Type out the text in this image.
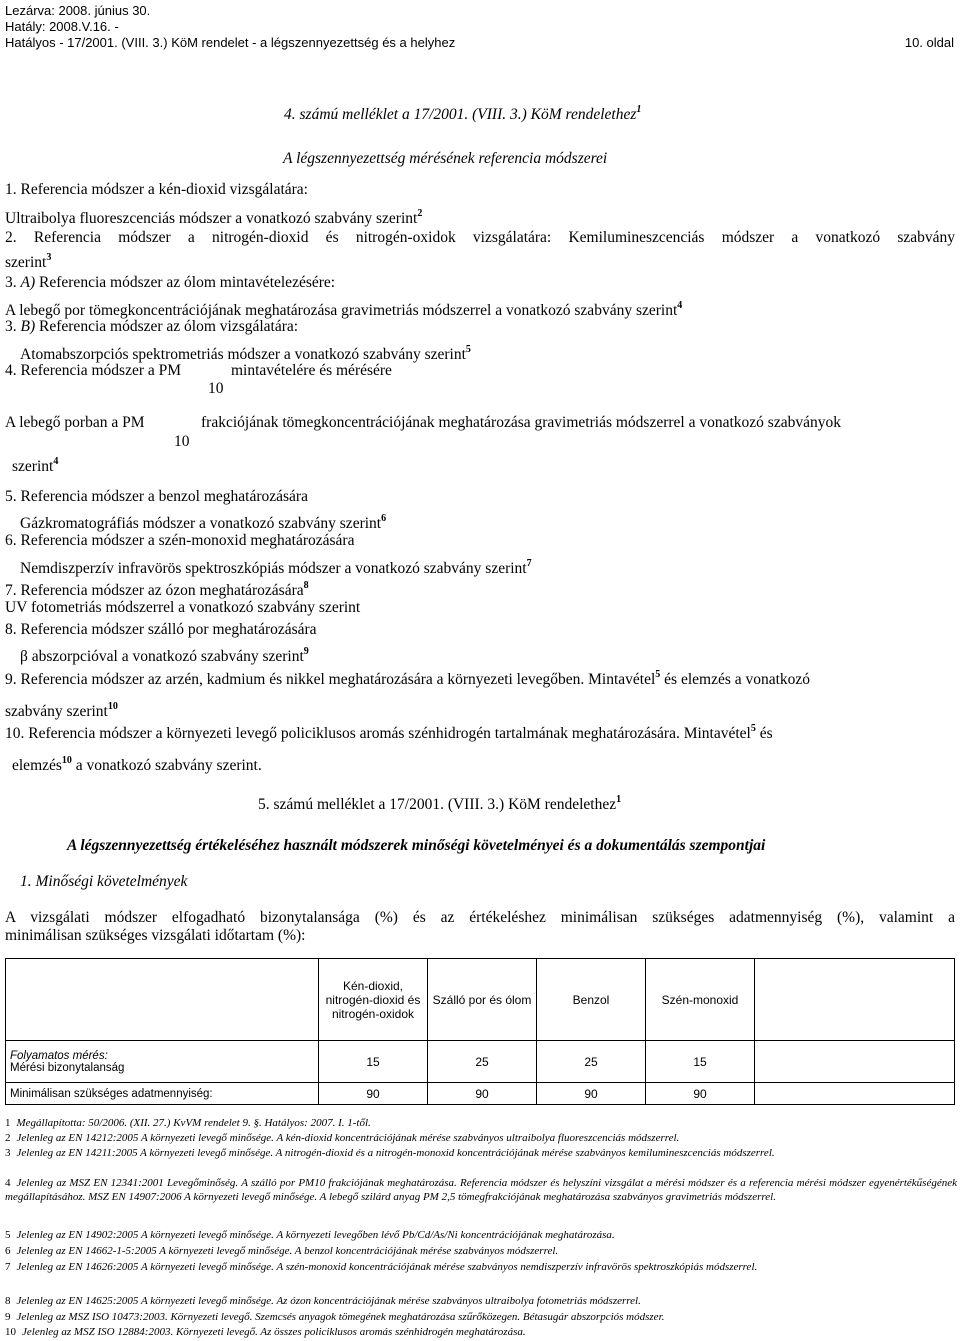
Lezárva: 2008. június 30.
Hatály: 2008.V.16. -
Hatályos - 17/2001. (VIII. 3.) KöM rendelet - a légszennyezettség és a helyhez	10. oldal
4. számú melléklet a 17/2001. (VIII. 3.) KöM rendelethez$^1$
A légszennyezettség mérésének referencia módszerei
1. Referencia módszer a kén-dioxid vizsgálatára:
Ultraibolya fluoreszcenciás módszer a vonatkozó szabvány szerint$^2$
2. Referencia módszer a nitrogén-dioxid és nitrogén-oxidok vizsgálatára: Kemilumineszcenciás módszer a vonatkozó szabvány
szerint$^3$
3. A) Referencia módszer az ólom mintavételezésére:
A lebegő por tömegkoncentrációjának meghatározása gravimetriás módszerrel a vonatkozó szabvány szerint$^4$
3. B) Referencia módszer az ólom vizsgálatára:
Atomabszorpciós spektrometriás módszer a vonatkozó szabvány szerint$^5$
4. Referencia módszer a PM	mintavételére és mérésére
10
A lebegő porban a PM	frakciójának tömegkoncentrációjának meghatározása gravimetriás módszerrel a vonatkozó szabványok
10
szerint$^4$
5. Referencia módszer a benzol meghatározására
Gázkromatográfiás módszer a vonatkozó szabvány szerint$^6$
6. Referencia módszer a szén-monoxid meghatározására
Nemdiszperzív infravörös spektroszkópiás módszer a vonatkozó szabvány szerint$^7$
7. Referencia módszer az ózon meghatározására$^8$
UV fotometriás módszerrel a vonatkozó szabvány szerint
8. Referencia módszer szálló por meghatározására
β abszorpcióval a vonatkozó szabvány szerint$^9$
9. Referencia módszer az arzén, kadmium és nikkel meghatározására a környezeti levegőben. Mintavétel$^5$ és elemzés a vonatkozó
szabvány szerint$^{10}$
10. Referencia módszer a környezeti levegő policiklusos aromás szénhidrogén tartalmának meghatározására. Mintavétel$^5$ és
elemzés$^{10}$ a vonatkozó szabvány szerint.
5. számú melléklet a 17/2001. (VIII. 3.) KöM rendelethez$^1$
A légszennyezettség értékeléséhez használt módszerek minőségi követelményei és a dokumentálás szempontjai
1. Minőségi követelmények
A vizsgálati módszer elfogadható bizonytalansága (%) és az értékeléshez minimálisan szükséges adatmennyiség (%), valamint a
minimálisan szükséges vizsgálati időtartam (%):
	Kén-dioxid, nitrogén-dioxid és nitrogén-oxidok	Szálló por és ólom	Benzol	Szén-monoxid	
Folyamatos mérés:
Mérési bizonytalanság	15	25	25	15	
Minimálisan szükséges adatmennyiség:	90	90	90	90	
1 Megállapította: 50/2006. (XII. 27.) KvVM rendelet 9. §. Hatályos: 2007. I. 1-től.
2 Jelenleg az EN 14212:2005 A környezeti levegő minősége. A kén-dioxid koncentrációjának mérése szabványos ultraibolya fluoreszcenciás módszerrel.
3 Jelenleg az EN 14211:2005 A környezeti levegő minősége. A nitrogén-dioxid és a nitrogén-monoxid koncentrációjának mérése szabványos kemilumineszcenciás módszerrel.
4 Jelenleg az MSZ EN 12341:2001 Levegőminőség. A szálló por PM10 frakciójának meghatározása. Referencia módszer és helyszíni vizsgálat a mérési módszer és a referencia mérési módszer egyenértékűségének megállapításához. MSZ EN 14907:2006 A környezeti levegő minősége. A lebegő szilárd anyag PM 2,5 tömegfrakciójának meghatározása szabványos gravimetriás módszerrel.
5 Jelenleg az EN 14902:2005 A környezeti levegő minősége. A környezeti levegőben lévő Pb/Cd/As/Ni koncentrációjának meghatározása.
6 Jelenleg az EN 14662-1-5:2005 A környezeti levegő minősége. A benzol koncentrációjának mérése szabványos módszerrel.
7 Jelenleg az EN 14626:2005 A környezeti levegő minősége. A szén-monoxid koncentrációjának mérése szabványos nemdiszperzív infravörös spektroszkópiás módszerrel.
8 Jelenleg az EN 14625:2005 A környezeti levegő minősége. Az ózon koncentrációjának mérése szabványos ultraibolya fotometriás módszerrel.
9 Jelenleg az MSZ ISO 10473:2003. Környezeti levegő. Szemcsés anyagok tömegének meghatározása szűrőközegen. Bétasugár abszorpciós módszer.
10 Jelenleg az MSZ ISO 12884:2003. Környezeti levegő. Az összes policiklusos aromás szénhidrogén meghatározása.
